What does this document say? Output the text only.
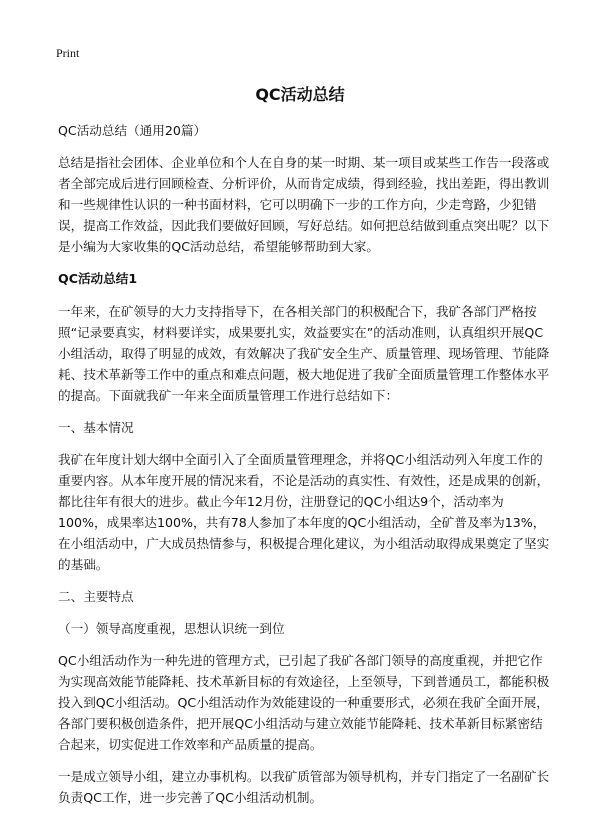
Print
QC活动总结

QC活动总结（通用20篇）

总结是指社会团体、企业单位和个人在自身的某一时期、某一项目或某些工作告一段落或者全部完成后进行回顾检查、分析评价，从而肯定成绩，得到经验，找出差距，得出教训和一些规律性认识的一种书面材料，它可以明确下一步的工作方向，少走弯路，少犯错误，提高工作效益，因此我们要做好回顾，写好总结。如何把总结做到重点突出呢？以下是小编为大家收集的QC活动总结，希望能够帮助到大家。

QC活动总结1

一年来，在矿领导的大力支持指导下，在各相关部门的积极配合下，我矿各部门严格按照“记录要真实，材料要详实，成果要扎实，效益要实在”的活动准则，认真组织开展QC小组活动，取得了明显的成效，有效解决了我矿安全生产、质量管理、现场管理、节能降耗、技术革新等工作中的重点和难点问题，极大地促进了我矿全面质量管理工作整体水平的提高。下面就我矿一年来全面质量管理工作进行总结如下：

一、基本情况

我矿在年度计划大纲中全面引入了全面质量管理理念，并将QC小组活动列入年度工作的重要内容。从本年度开展的情况来看，不论是活动的真实性、有效性，还是成果的创新，都比往年有很大的进步。截止今年12月份，注册登记的QC小组达9个，活动率为100%，成果率达100%，共有78人参加了本年度的QC小组活动，全矿普及率为13%，在小组活动中，广大成员热情参与，积极提合理化建议，为小组活动取得成果奠定了坚实的基础。

二、主要特点

（一）领导高度重视，思想认识统一到位

QC小组活动作为一种先进的管理方式，已引起了我矿各部门领导的高度重视，并把它作为实现高效能节能降耗、技术革新目标的有效途径，上至领导，下到普通员工，都能积极投入到QC小组活动。QC小组活动作为效能建设的一种重要形式，必须在我矿全面开展，各部门要积极创造条件，把开展QC小组活动与建立效能节能降耗、技术革新目标紧密结合起来，切实促进工作效率和产品质量的提高。

一是成立领导小组，建立办事机构。以我矿质管部为领导机构，并专门指定了一名副矿长负责QC工作，进一步完善了QC小组活动机制。
